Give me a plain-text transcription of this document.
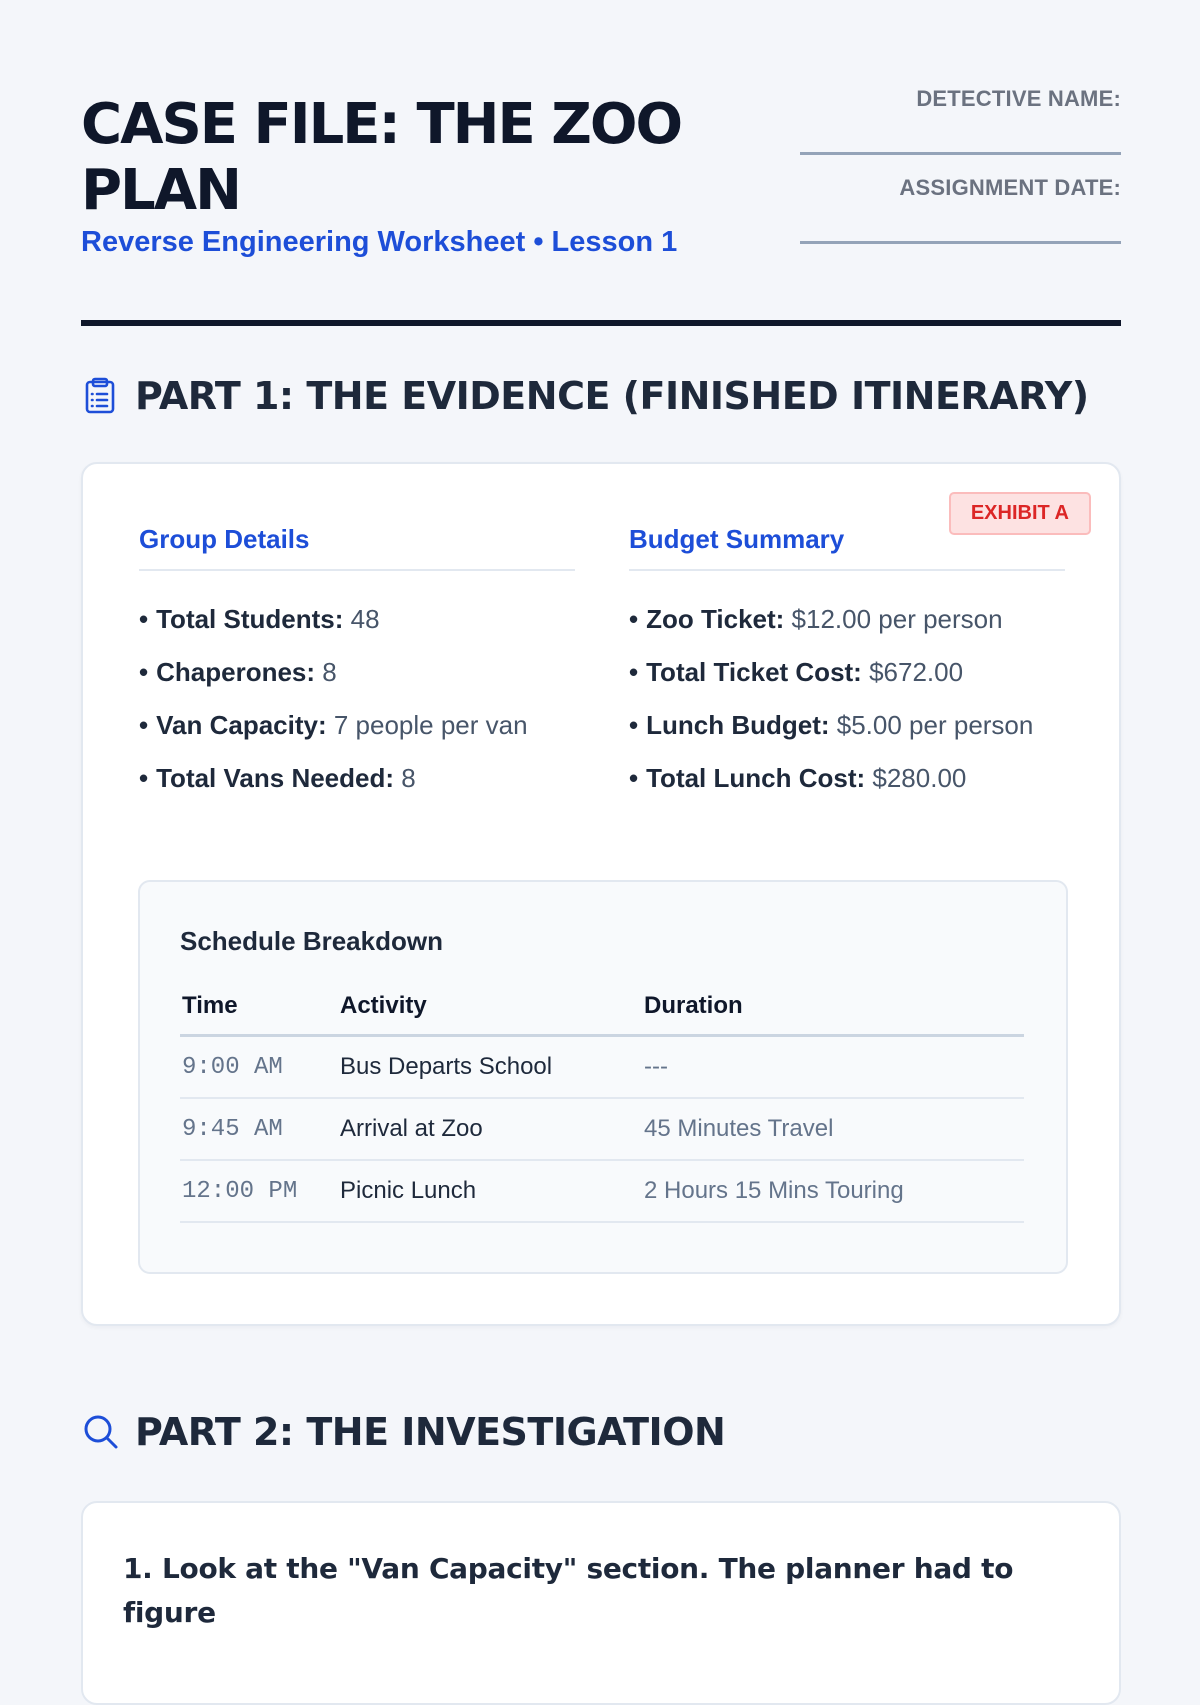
CASE FILE: THE ZOO PLAN
Reverse Engineering Worksheet • Lesson 1
DETECTIVE NAME:
ASSIGNMENT DATE:
PART 1: THE EVIDENCE (FINISHED ITINERARY)
EXHIBIT A
Group Details
• Total Students: 48
• Chaperones: 8
• Van Capacity: 7 people per van
• Total Vans Needed: 8
Budget Summary
• Zoo Ticket: $12.00 per person
• Total Ticket Cost: $672.00
• Lunch Budget: $5.00 per person
• Total Lunch Cost: $280.00
Schedule Breakdown
Time	Activity	Duration
9:00 AM	Bus Departs School	---
9:45 AM	Arrival at Zoo	45 Minutes Travel
12:00 PM	Picnic Lunch	2 Hours 15 Mins Touring
PART 2: THE INVESTIGATION
1. Look at the "Van Capacity" section. The planner had to figure
